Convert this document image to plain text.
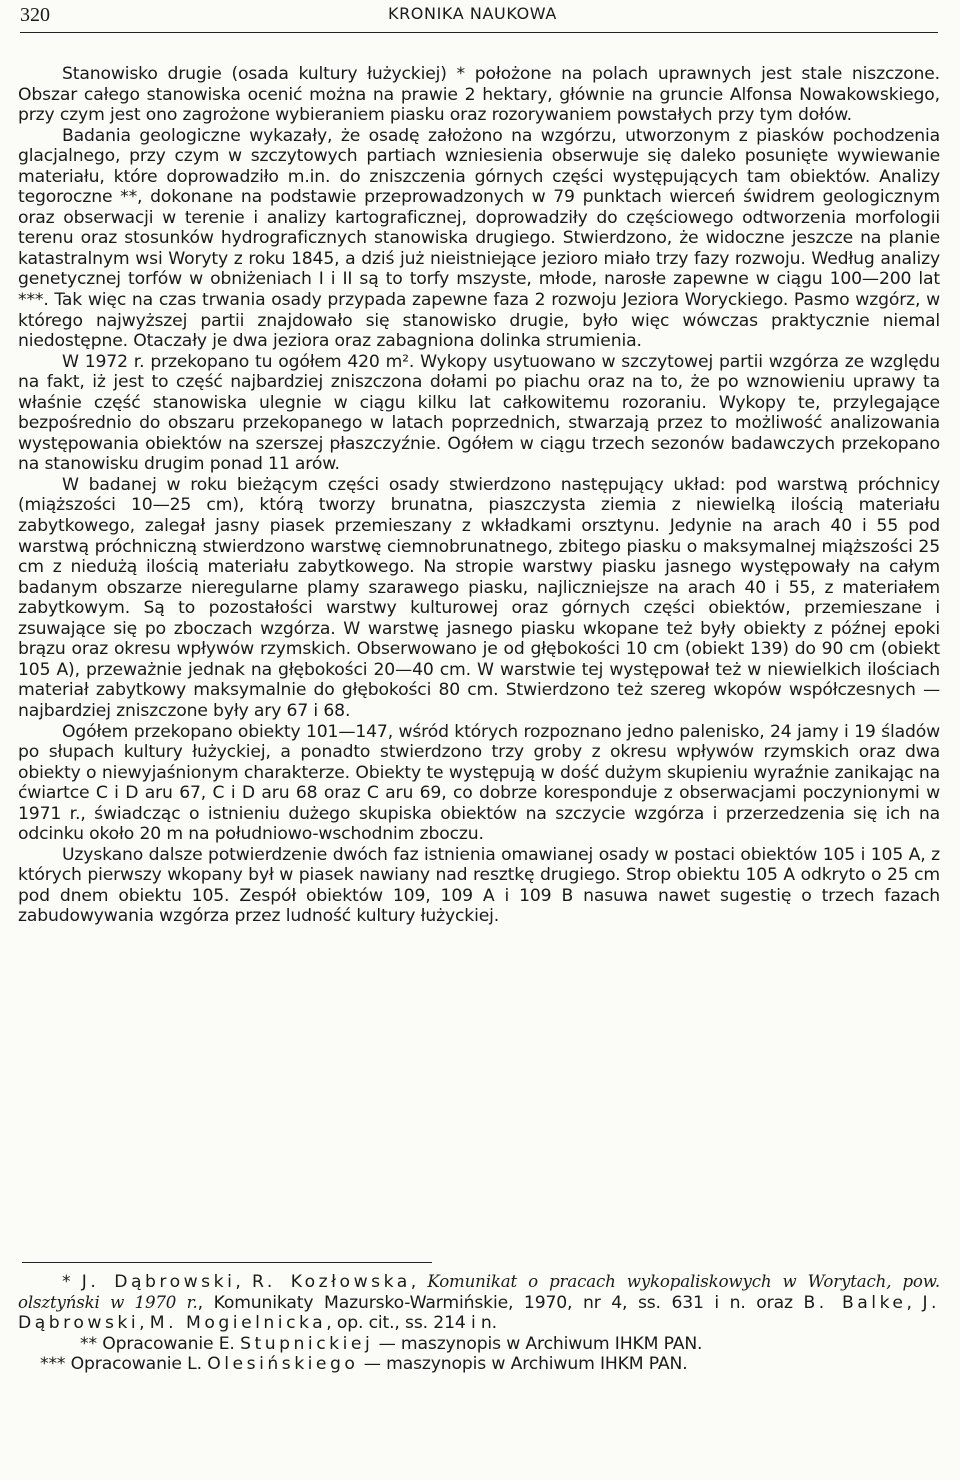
320	KRONIKA NAUKOWA

Stanowisko drugie (osada kultury łużyckiej) * położone na polach uprawnych jest stale niszczone. Obszar całego stanowiska ocenić można na prawie 2 hektary, głównie na gruncie Alfonsa Nowakowskiego, przy czym jest ono zagrożone wybieraniem piasku oraz rozorywaniem powstałych przy tym dołów.

Badania geologiczne wykazały, że osadę założono na wzgórzu, utworzonym z piasków pochodzenia glacjalnego, przy czym w szczytowych partiach wzniesienia obserwuje się daleko posunięte wywiewanie materiału, które doprowadziło m.in. do zniszczenia górnych części występujących tam obiektów. Analizy tegoroczne **, dokonane na podstawie przeprowadzonych w 79 punktach wierceń świdrem geologicznym oraz obserwacji w terenie i analizy kartograficznej, doprowadziły do częściowego odtworzenia morfologii terenu oraz stosunków hydrograficznych stanowiska drugiego. Stwierdzono, że widoczne jeszcze na planie katastralnym wsi Woryty z roku 1845, a dziś już nieistniejące jezioro miało trzy fazy rozwoju. Według analizy genetycznej torfów w obniżeniach I i II są to torfy mszyste, młode, narosłe zapewne w ciągu 100—200 lat ***. Tak więc na czas trwania osady przypada zapewne faza 2 rozwoju Jeziora Woryckiego. Pasmo wzgórz, w którego najwyższej partii znajdowało się stanowisko drugie, było więc wówczas praktycznie niemal niedostępne. Otaczały je dwa jeziora oraz zabagniona dolinka strumienia.

W 1972 r. przekopano tu ogółem 420 m². Wykopy usytuowano w szczytowej partii wzgórza ze względu na fakt, iż jest to część najbardziej zniszczona dołami po piachu oraz na to, że po wznowieniu uprawy ta właśnie część stanowiska ulegnie w ciągu kilku lat całkowitemu rozoraniu. Wykopy te, przylegające bezpośrednio do obszaru przekopanego w latach poprzednich, stwarzają przez to możliwość analizowania występowania obiektów na szerszej płaszczyźnie. Ogółem w ciągu trzech sezonów badawczych przekopano na stanowisku drugim ponad 11 arów.

W badanej w roku bieżącym części osady stwierdzono następujący układ: pod warstwą próchnicy (miąższości 10—25 cm), którą tworzy brunatna, piaszczysta ziemia z niewielką ilością materiału zabytkowego, zalegał jasny piasek przemieszany z wkładkami orsztynu. Jedynie na arach 40 i 55 pod warstwą próchniczną stwierdzono warstwę ciemnobrunatnego, zbitego piasku o maksymalnej miąższości 25 cm z niedużą ilością materiału zabytkowego. Na stropie warstwy piasku jasnego występowały na całym badanym obszarze nieregularne plamy szarawego piasku, najliczniejsze na arach 40 i 55, z materiałem zabytkowym. Są to pozostałości warstwy kulturowej oraz górnych części obiektów, przemieszane i zsuwające się po zboczach wzgórza. W warstwę jasnego piasku wkopane też były obiekty z późnej epoki brązu oraz okresu wpływów rzymskich. Obserwowano je od głębokości 10 cm (obiekt 139) do 90 cm (obiekt 105 A), przeważnie jednak na głębokości 20—40 cm. W warstwie tej występował też w niewielkich ilościach materiał zabytkowy maksymalnie do głębokości 80 cm. Stwierdzono też szereg wkopów współczesnych — najbardziej zniszczone były ary 67 i 68.

Ogółem przekopano obiekty 101—147, wśród których rozpoznano jedno palenisko, 24 jamy i 19 śladów po słupach kultury łużyckiej, a ponadto stwierdzono trzy groby z okresu wpływów rzymskich oraz dwa obiekty o niewyjaśnionym charakterze. Obiekty te występują w dość dużym skupieniu wyraźnie zanikając na ćwiartce C i D aru 67, C i D aru 68 oraz C aru 69, co dobrze koresponduje z obserwacjami poczynionymi w 1971 r., świadcząc o istnieniu dużego skupiska obiektów na szczycie wzgórza i przerzedzenia się ich na odcinku około 20 m na południowo-wschodnim zboczu.

Uzyskano dalsze potwierdzenie dwóch faz istnienia omawianej osady w postaci obiektów 105 i 105 A, z których pierwszy wkopany był w piasek nawiany nad resztkę drugiego. Strop obiektu 105 A odkryto o 25 cm pod dnem obiektu 105. Zespół obiektów 109, 109 A i 109 B nasuwa nawet sugestię o trzech fazach zabudowywania wzgórza przez ludność kultury łużyckiej.

* J. Dąbrowski, R. Kozłowska, Komunikat o pracach wykopaliskowych w Worytach, pow. olsztyński w 1970 r., Komunikaty Mazursko-Warmińskie, 1970, nr 4, ss. 631 i n. oraz B. Balke, J. Dąbrowski, M. Mogielnicka, op. cit., ss. 214 i n.

** Opracowanie E. Stupnickiej — maszynopis w Archiwum IHKM PAN.

*** Opracowanie L. Olesińskiego — maszynopis w Archiwum IHKM PAN.
